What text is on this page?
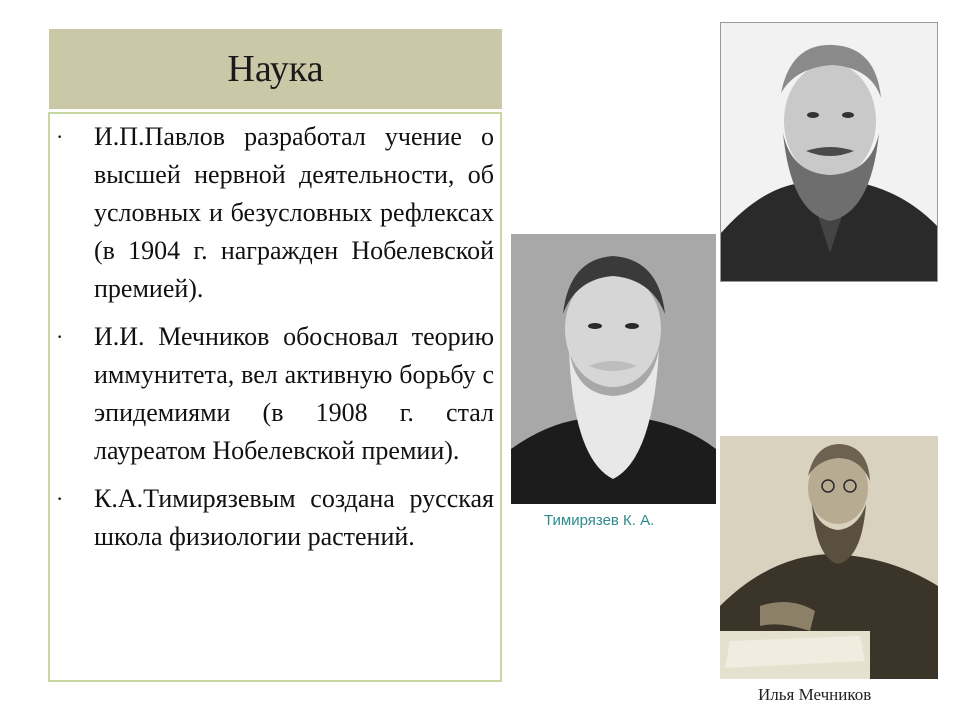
Наука
· И.П.Павлов разработал учение о высшей нервной деятельности, об условных и безусловных рефлексах (в 1904 г. награжден Нобелевской премией).
· И.И. Мечников обосновал теорию иммунитета, вел активную борьбу с эпидемиями (в 1908 г. стал лауреатом Нобелевской премии).
· К.А.Тимирязевым создана русская школа физиологии растений.
Тимирязев К. А.
Илья Мечников
